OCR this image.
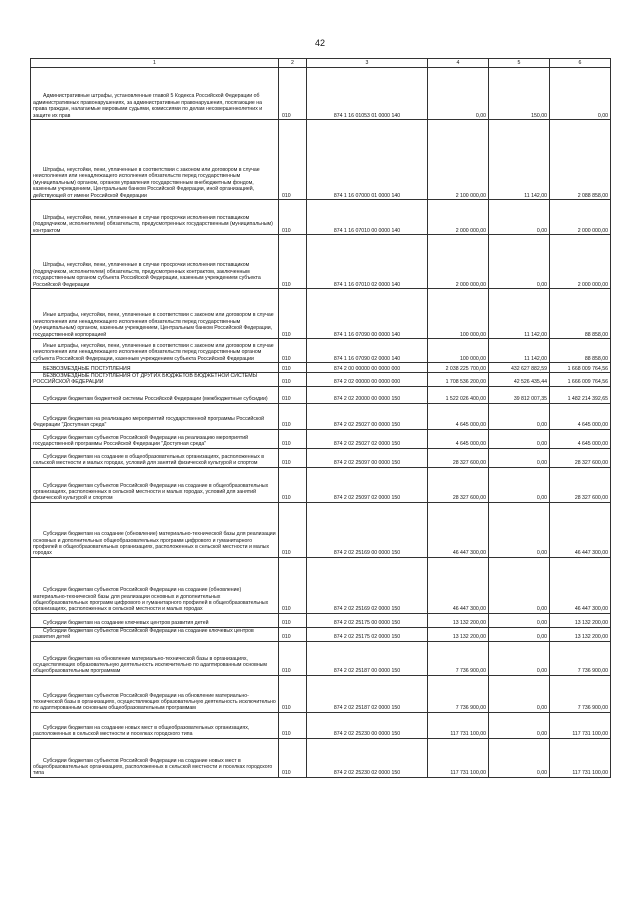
42
1	2	3	4	5	6

Административные штрафы, установленные главой 5 Кодекса Российской Федерации об административных правонарушениях, за административные правонарушения, посягающие на права граждан, налагаемые мировыми судьями, комиссиями по делам несовершеннолетних и защите их прав	010	874 1 16 01053 01 0000 140	0,00	150,00	0,00

Штрафы, неустойки, пени, уплаченные в соответствии с законом или договором в случае неисполнения или ненадлежащего исполнения обязательств перед государственным (муниципальным) органом, органом управления государственным внебюджетным фондом, казенным учреждением, Центральным банком Российской Федерации, иной организацией, действующей от имени Российской Федерации	010	874 1 16 07000 01 0000 140	2 100 000,00	11 142,00	2 088 858,00

Штрафы, неустойки, пени, уплаченные в случае просрочки исполнения поставщиком (подрядчиком, исполнителем) обязательств, предусмотренных государственным (муниципальным) контрактом	010	874 1 16 07010 00 0000 140	2 000 000,00	0,00	2 000 000,00

Штрафы, неустойки, пени, уплаченные в случае просрочки исполнения поставщиком (подрядчиком, исполнителем) обязательств, предусмотренных контрактом, заключенным государственным органом субъекта Российской Федерации, казенным учреждением субъекта Российской Федерации	010	874 1 16 07010 02 0000 140	2 000 000,00	0,00	2 000 000,00

Иные штрафы, неустойки, пени, уплаченные в соответствии с законом или договором в случае неисполнения или ненадлежащего исполнения обязательств перед государственным (муниципальным) органом, казенным учреждением, Центральным банком Российской Федерации, государственной корпорацией	010	874 1 16 07090 00 0000 140	100 000,00	11 142,00	88 858,00

Иные штрафы, неустойки, пени, уплаченные в соответствии с законом или договором в случае неисполнения или ненадлежащего исполнения обязательств перед государственным органом субъекта Российской Федерации, казенным учреждением субъекта Российской Федерации	010	874 1 16 07090 02 0000 140	100 000,00	11 142,00	88 858,00

БЕЗВОЗМЕЗДНЫЕ ПОСТУПЛЕНИЯ	010	874 2 00 00000 00 0000 000	2 038 225 700,00	432 627 882,59	1 668 009 764,56

БЕЗВОЗМЕЗДНЫЕ ПОСТУПЛЕНИЯ ОТ ДРУГИХ БЮДЖЕТОВ БЮДЖЕТНОЙ СИСТЕМЫ РОССИЙСКОЙ ФЕДЕРАЦИИ	010	874 2 02 00000 00 0000 000	1 708 536 200,00	42 526 435,44	1 666 009 764,56

Субсидии бюджетам бюджетной системы Российской Федерации (межбюджетные субсидии)	010	874 2 02 20000 00 0000 150	1 522 026 400,00	39 812 007,35	1 482 214 392,65

Субсидии бюджетам на реализацию мероприятий государственной программы Российской Федерации "Доступная среда"	010	874 2 02 25027 00 0000 150	4 645 000,00	0,00	4 645 000,00

Субсидии бюджетам субъектов Российской Федерации на реализацию мероприятий государственной программы Российской Федерации "Доступная среда"	010	874 2 02 25027 02 0000 150	4 645 000,00	0,00	4 645 000,00

Субсидии бюджетам на создание в общеобразовательных организациях, расположенных в сельской местности и малых городах, условий для занятий физической культурой и спортом	010	874 2 02 25097 00 0000 150	28 327 600,00	0,00	28 327 600,00

Субсидии бюджетам субъектов Российской Федерации на создание в общеобразовательных организациях, расположенных в сельской местности и малых городах, условий для занятий физической культурой и спортом	010	874 2 02 25097 02 0000 150	28 327 600,00	0,00	28 327 600,00

Субсидии бюджетам на создание (обновление) материально-технической базы для реализации основных и дополнительных общеобразовательных программ цифрового и гуманитарного профилей в общеобразовательных организациях, расположенных в сельской местности и малых городах	010	874 2 02 25169 00 0000 150	46 447 300,00	0,00	46 447 300,00

Субсидии бюджетам субъектов Российской Федерации на создание (обновление) материально-технической базы для реализации основных и дополнительных общеобразовательных программ цифрового и гуманитарного профилей в общеобразовательных организациях, расположенных в сельской местности и малых городах	010	874 2 02 25169 02 0000 150	46 447 300,00	0,00	46 447 300,00

Субсидии бюджетам на создание ключевых центров развития детей	010	874 2 02 25175 00 0000 150	13 132 200,00	0,00	13 132 200,00

Субсидии бюджетам субъектов Российской Федерации на создание ключевых центров развития детей	010	874 2 02 25175 02 0000 150	13 132 200,00	0,00	13 132 200,00

Субсидии бюджетам на обновление материально-технической базы в организациях, осуществляющих образовательную деятельность исключительно по адаптированным основным общеобразовательным программам	010	874 2 02 25187 00 0000 150	7 736 900,00	0,00	7 736 900,00

Субсидии бюджетам субъектов Российской Федерации на обновление материально-технической базы в организациях, осуществляющих образовательную деятельность исключительно по адаптированным основным общеобразовательным программам	010	874 2 02 25187 02 0000 150	7 736 900,00	0,00	7 736 900,00

Субсидии бюджетам на создание новых мест в общеобразовательных организациях, расположенных в сельской местности и поселках городского типа	010	874 2 02 25230 00 0000 150	117 731 100,00	0,00	117 731 100,00

Субсидии бюджетам субъектов Российской Федерации на создание новых мест в общеобразовательных организациях, расположенных в сельской местности и поселках городского типа	010	874 2 02 25230 02 0000 150	117 731 100,00	0,00	117 731 100,00
